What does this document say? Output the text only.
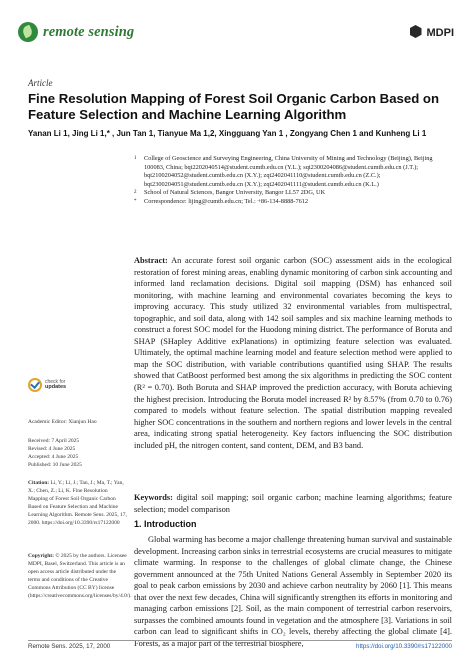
remote sensing	MDPI
Article
Fine Resolution Mapping of Forest Soil Organic Carbon Based on Feature Selection and Machine Learning Algorithm
Yanan Li 1, Jing Li 1,* , Jun Tan 1, Tianyue Ma 1,2, Xingguang Yan 1 , Zongyang Chen 1 and Kunheng Li 1
1	College of Geoscience and Surveying Engineering, China University of Mining and Technology (Beijing), Beijing 100083, China; bqt2202040514@student.cumtb.edu.cn (Y.L.); sqt2300204086@student.cumtb.edu.cn (J.T.); bqt2100204052@student.cumtb.edu.cn (X.Y.); zqt2402041110@student.cumtb.edu.cn (Z.C.); bqt2300204051@student.cumtb.edu.cn (X.Y.); zqt2402041111@student.cumtb.edu.cn (K.L.)
2	School of Natural Sciences, Bangor University, Bangor LL57 2DG, UK
*	Correspondence: lijing@cumtb.edu.cn; Tel.: +86-134-8888-7612
Abstract: An accurate forest soil organic carbon (SOC) assessment aids in the ecological restoration of forest mining areas, enabling dynamic monitoring of carbon sink accounting and informed land reclamation decisions. Digital soil mapping (DSM) has enhanced soil monitoring, with machine learning and environmental covariates becoming the keys to improving accuracy. This study utilized 32 environmental variables from multispectral, topographic, and soil data, along with 142 soil samples and six machine learning methods to construct a forest SOC model for the Huodong mining district. The performance of Boruta and SHAP (SHapley Additive exPlanations) in optimizing feature selection was evaluated. Ultimately, the optimal machine learning model and feature selection method were applied to map the SOC distribution, with variable contributions quantified using SHAP. The results showed that CatBoost performed best among the six algorithms in predicting the SOC content (R² = 0.70). Both Boruta and SHAP improved the prediction accuracy, with Boruta achieving the highest precision. Introducing the Boruta model increased R² by 8.57% (from 0.70 to 0.76) compared to models without feature selection. The spatial distribution mapping revealed higher SOC concentrations in the southern and northern regions and lower levels in the central area, indicating strong spatial heterogeneity. Key factors influencing the SOC distribution included pH, the nitrogen content, sand content, DEM, and B3 band.
Keywords: digital soil mapping; soil organic carbon; machine learning algorithms; feature selection; model comparison
check for
updates

Academic Editor: Xianjun Hao

Received: 7 April 2025

Revised: 4 June 2025

Accepted: 4 June 2025

Published: 10 June 2025

Citation: Li, Y.; Li, J.; Tan, J.; Ma, T.; Yan, X.; Chen, Z.; Li, K. Fine Resolution Mapping of Forest Soil Organic Carbon Based on Feature Selection and Machine Learning Algorithm. Remote Sens. 2025, 17, 2000. https://doi.org/10.3390/rs17122000
Copyright: © 2025 by the authors. Licensee MDPI, Basel, Switzerland. This article is an open access article distributed under the terms and conditions of the Creative Commons Attribution (CC BY) license (https://creativecommons.org/licenses/by/4.0/).
1. Introduction
Global warming has become a major challenge threatening human survival and sustainable development. Increasing carbon sinks in terrestrial ecosystems are crucial measures to mitigate climate warming. In response to the challenges of global climate change, the Chinese government announced at the 75th United Nations General Assembly in September 2020 its goal to peak carbon emissions by 2030 and achieve carbon neutrality by 2060 [1]. This means that over the next few decades, China will significantly strengthen its efforts in monitoring and managing carbon emissions [2]. Soil, as the main component of terrestrial carbon reservoirs, surpasses the combined amounts found in vegetation and the atmosphere [3]. Variations in soil carbon can lead to significant shifts in CO₂ levels, thereby affecting the global climate [4]. Forests, as a major part of the terrestrial biosphere,
Remote Sens. 2025, 17, 2000	https://doi.org/10.3390/rs17122000
